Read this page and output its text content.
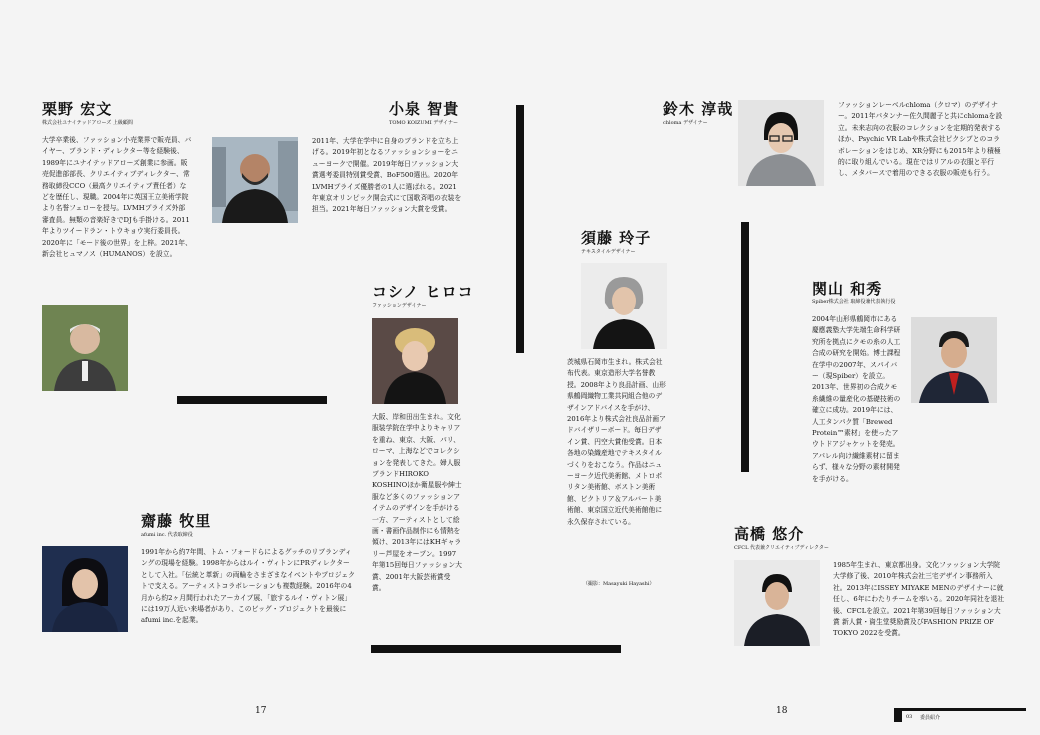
栗野 宏文
株式会社ユナイテッドアローズ 上級顧問
大学卒業後、ファッション小売業界で販売員、バイヤー、ブランド・ディレクター等を経験後、1989年にユナイテッドアローズ創業に参画。販売促進部部長、クリエイティブディレクター、常務取締役CCO（最高クリエイティブ責任者）などを歴任し、現職。2004年に英国王立美術学院より名誉フェローを授与。LVMHプライズ外部審査員。無類の音楽好きでDJも手掛ける。2011年よりツイードラン・トウキョウ実行委員長。2020年に「モード後の世界」を上梓。2021年、新会社ヒュマノス（HUMANOS）を設立。
小泉 智貴
TOMO KOIZUMI デザイナー
2011年、大学在学中に自身のブランドを立ち上げる。2019年初となるファッションショーをニューヨークで開催。2019年毎日ファッション大賞選考委員特別賞受賞、BoF500選出。2020年LVMHプライズ優勝者の1人に選ばれる。2021年東京オリンピック開会式にて国歌斉唱の衣装を担当。2021年毎日ファッション大賞を受賞。
コシノ ヒロコ
ファッションデザイナー
大阪、岸和田出生まれ。文化服装学院在学中よりキャリアを重ね、東京、大阪、パリ、ローマ、上海などでコレクションを発表してきた。婦人服ブランドHIROKO KOSHINOほか衛星服や紳士服など多くのファッションアイテムのデザインを手がける一方、アーティストとして絵画・書画作品制作にも情熱を傾け、2013年にはKHギャラリー芦屋をオープン。1997年第15回毎日ファッション大賞、2001年大阪芸術賞受賞。
齋藤 牧里
afumi inc. 代表取締役
1991年から約7年間、トム・フォードらによるグッチのリブランディングの現場を経験。1998年からはルイ・ヴィトンにPRディレクターとして入社。「伝統と革新」の両輪をさまざまなイベントやプロジェクトで支える。アーティストコラボレーションも複数経験。2016年の4月から約2ヶ月間行われたアーカイブ展、「旅するルイ・ヴィトン展」には19万人近い来場者があり、このビッグ・プロジェクトを最後にafumi inc.を起業。
鈴木 淳哉
chloma デザイナー
ファッションレーベルchloma（クロマ）のデザイナー。2011年パタンナー佐久間麗子と共にchlomaを設立。未来志向の衣服のコレクションを定期的発表するほか、Psychic VR Labや株式会社ピクシブとのコラボレーションをはじめ、XR分野にも2015年より積極的に取り組んでいる。現在ではリアルの衣服と平行し、メタバースで着用のできる衣服の販売も行う。
須藤 玲子
テキスタイルデザイナー
茨城県石岡市生まれ。株式会社 布代表。東京造形大学名誉教授。2008年より良品計画、山形県鶴岡織物工業共同組合他のデザインアドバイスを手がけ、2016年より株式会社良品計画アドバイザリーボード。毎日デザイン賞、円空大賞他受賞。日本各地の染織産地でテキスタイルづくりをおこなう。作品はニューヨーク近代美術館、メトロポリタン美術館、ボストン美術館、ビクトリア＆アルバート美術館、東京国立近代美術館他に永久保存されている。
（撮影：Masayuki Hayashi）
関山 和秀
Spiber株式会社 取締役兼代表執行役
2004年山形県鶴岡市にある慶應義塾大学先端生命科学研究所を拠点にクモの糸の人工合成の研究を開始。博士課程在学中の2007年、スパイバー（現Spiber）を設立。2013年、世界初の合成クモ糸繊維の量産化の基礎技術の確立に成功。2019年には、人工タンパク質「Brewed Protein™素材」を使ったアウトドアジャケットを発売。アパレル向け繊維素材に留まらず、様々な分野の素材開発を手がける。
高橋 悠介
CFCL 代表兼クリエイティブディレクター
1985年生まれ、東京都出身。文化ファッション大学院大学修了後、2010年株式会社三宅デザイン事務所入社。2013年にISSEY MIYAKE MENのデザイナーに就任し、6年にわたりチームを率いる。2020年同社を退社後、CFCLを設立。2021年第39回毎日ファッション大賞 新人賞・資生堂奨励賞及びFASHION PRIZE OF TOKYO 2022を受賞。
17	18
03 委員紹介
